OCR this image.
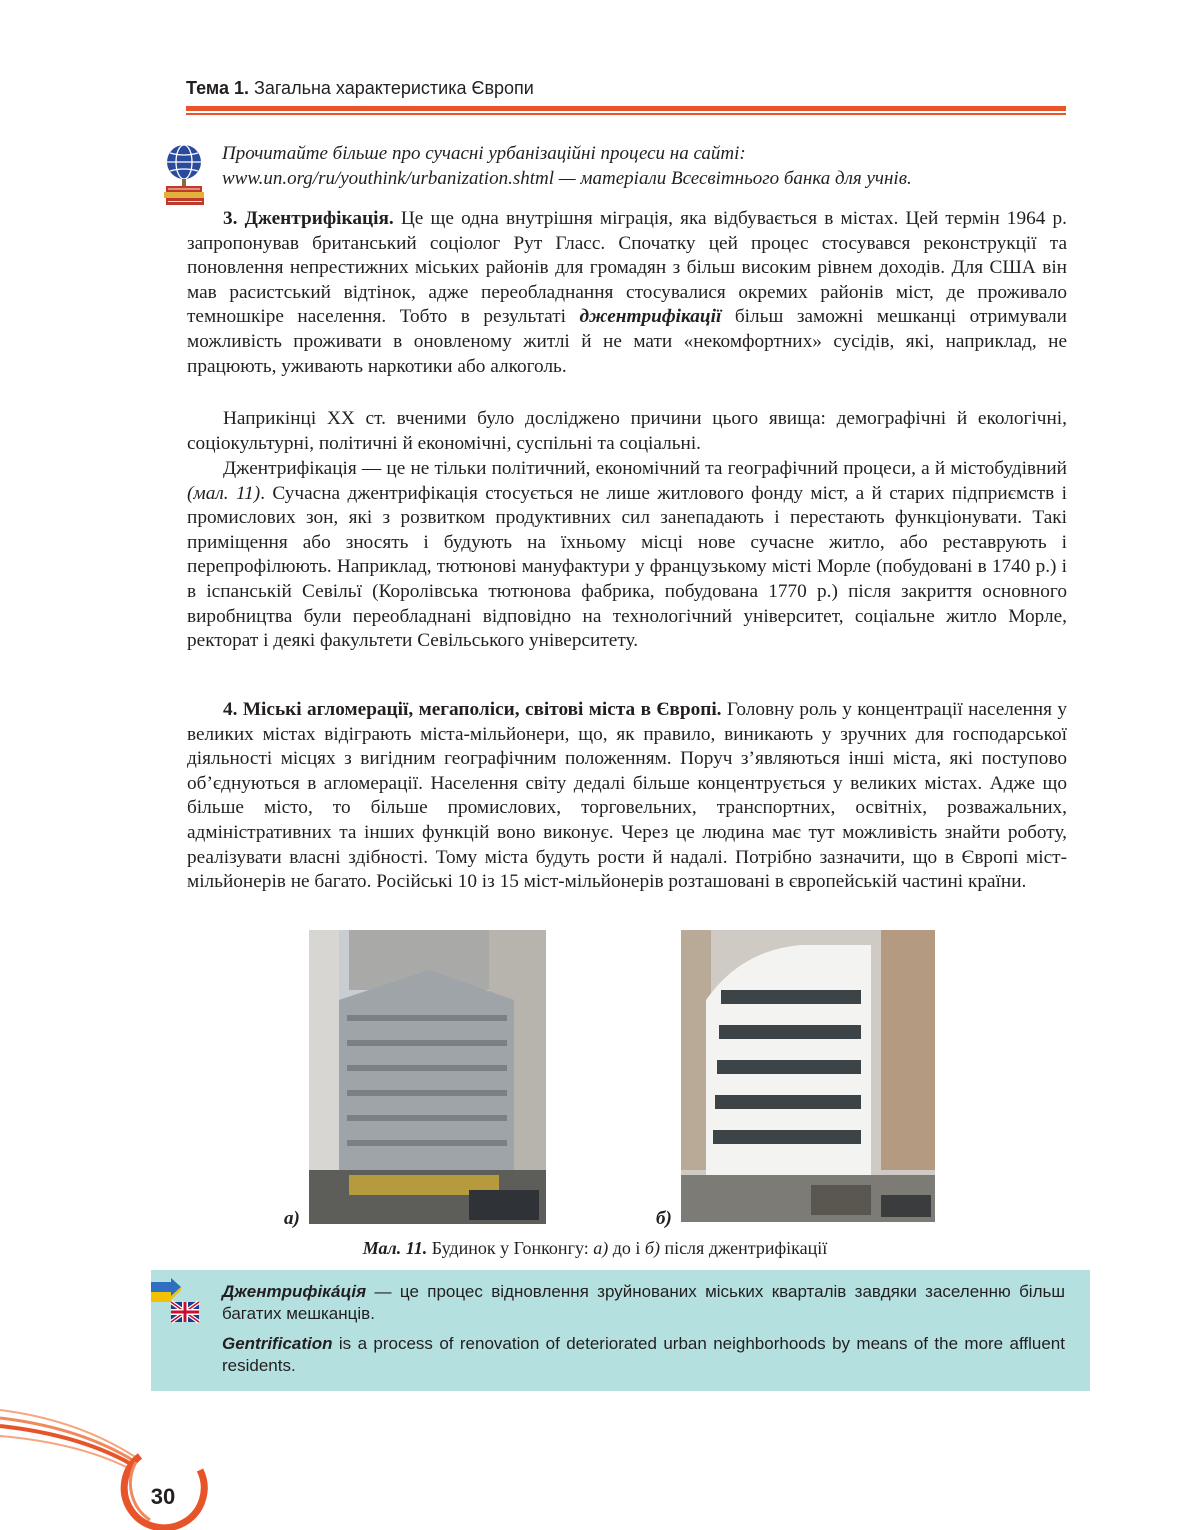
Тема 1. Загальна характеристика Європи
Прочитайте більше про сучасні урбанізаційні процеси на сайті: www.un.org/ru/youthink/urbanization.shtml — матеріали Всесвітнього банка для учнів.

3. Джентрифікація. Це ще одна внутрішня міграція, яка відбувається в містах. Цей термін 1964 р. запропонував британський соціолог Рут Гласс. Спочатку цей процес стосувався реконструкції та поновлення непрестижних міських районів для громадян з більш високим рівнем доходів. Для США він мав расистський відтінок, адже переобладнання стосувалися окремих районів міст, де проживало темношкіре населення. Тобто в результаті джентрифікації більш заможні мешканці отримували можливість проживати в оновленому житлі й не мати «некомфортних» сусідів, які, наприклад, не працюють, уживають наркотики або алкоголь.

Наприкінці ХХ ст. вченими було досліджено причини цього явища: демографічні й екологічні, соціокультурні, політичні й економічні, суспільні та соціальні.

Джентрифікація — це не тільки політичний, економічний та географічний процеси, а й містобудівний (мал. 11). Сучасна джентрифікація стосується не лише житлового фонду міст, а й старих підприємств і промислових зон, які з розвитком продуктивних сил занепадають і перестають функціонувати. Такі приміщення або зносять і будують на їхньому місці нове сучасне житло, або реставрують і перепрофілюють. Наприклад, тютюнові мануфактури у французькому місті Морле (побудовані в 1740 р.) і в іспанській Севільї (Королівська тютюнова фабрика, побудована 1770 р.) після закриття основного виробництва були переобладнані відповідно на технологічний університет, соціальне житло Морле, ректорат і деякі факультети Севільського університету.

4. Міські агломерації, мегаполіси, світові міста в Європі. Головну роль у концентрації населення у великих містах відіграють міста-мільйонери, що, як правило, виникають у зручних для господарської діяльності місцях з вигідним географічним положенням. Поруч з’являються інші міста, які поступово об’єднуються в агломерації. Населення світу дедалі більше концентрується у великих містах. Адже що більше місто, то більше промислових, торговельних, транспортних, освітніх, розважальних, адміністративних та інших функцій воно виконує. Через це людина має тут можливість знайти роботу, реалізувати власні здібності. Тому міста будуть рости й надалі. Потрібно зазначити, що в Європі міст-мільйонерів не багато. Російські 10 із 15 міст-мільйонерів розташовані в європейській частині країни.

а)	б)
Мал. 11. Будинок у Гонконгу: а) до і б) після джентрифікації
Джентрифіка́ція — це процес відновлення зруйнованих міських кварталів завдяки заселенню більш багатих мешканців.
Gentrification is a process of renovation of deteriorated urban neighborhoods by means of the more affluent residents.
30
